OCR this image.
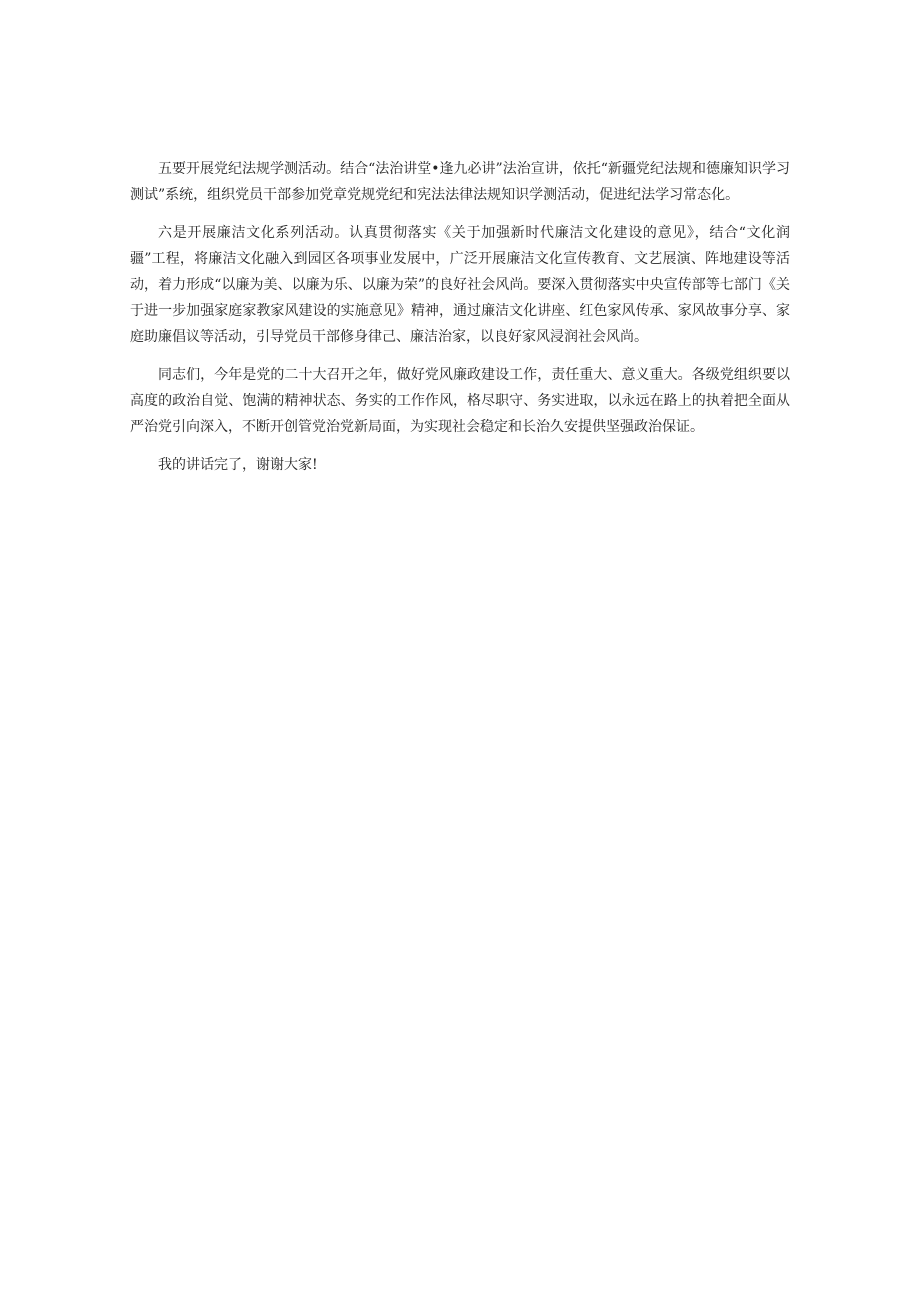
五要开展党纪法规学测活动。结合“法治讲堂•逢九必讲”法治宣讲，依托“新疆党纪法规和德廉知识学习测试”系统，组织党员干部参加党章党规党纪和宪法法律法规知识学测活动，促进纪法学习常态化。

六是开展廉洁文化系列活动。认真贯彻落实《关于加强新时代廉洁文化建设的意见》，结合“文化润疆”工程，将廉洁文化融入到园区各项事业发展中，广泛开展廉洁文化宣传教育、文艺展演、阵地建设等活动，着力形成“以廉为美、以廉为乐、以廉为荣”的良好社会风尚。要深入贯彻落实中央宣传部等七部门《关于进一步加强家庭家教家风建设的实施意见》精神，通过廉洁文化讲座、红色家风传承、家风故事分享、家庭助廉倡议等活动，引导党员干部修身律己、廉洁治家，以良好家风浸润社会风尚。

同志们，今年是党的二十大召开之年，做好党风廉政建设工作，责任重大、意义重大。各级党组织要以高度的政治自觉、饱满的精神状态、务实的工作作风，格尽职守、务实进取，以永远在路上的执着把全面从严治党引向深入，不断开创管党治党新局面，为实现社会稳定和长治久安提供坚强政治保证。

我的讲话完了，谢谢大家!
